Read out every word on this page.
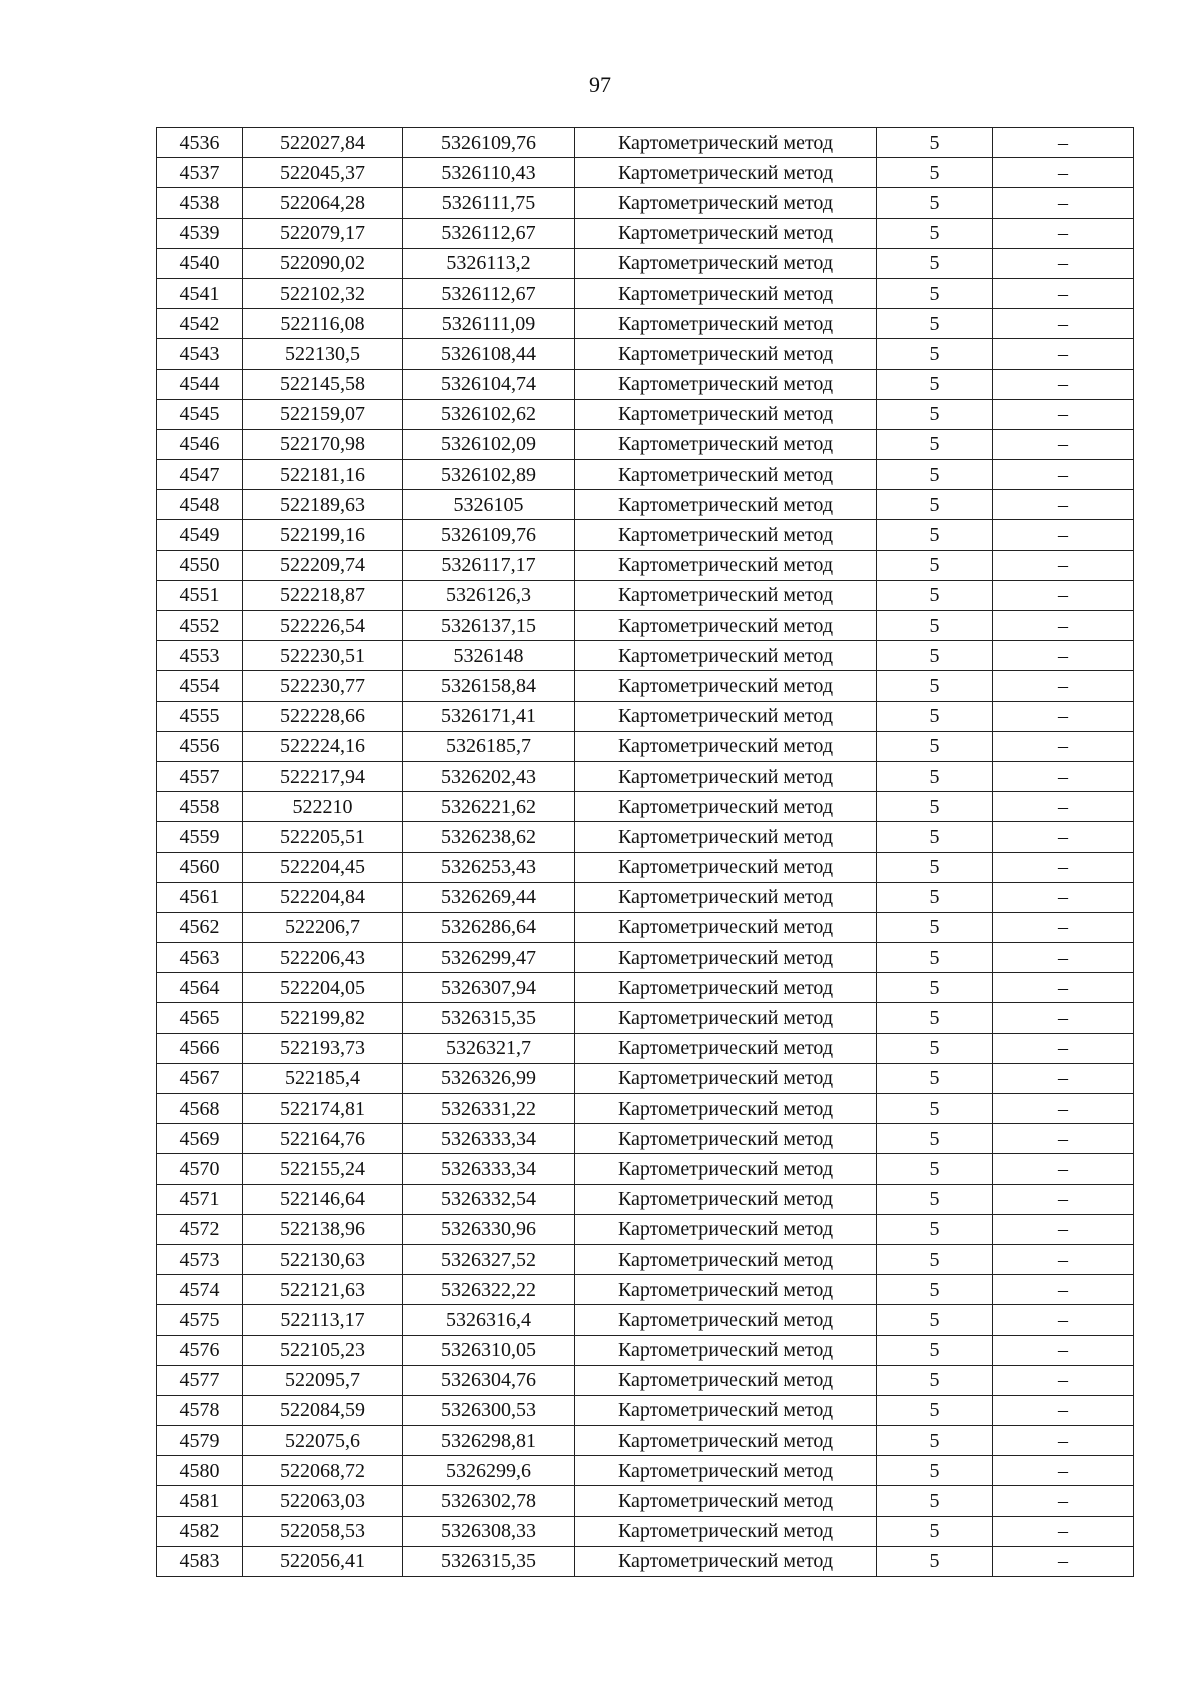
97
4536	522027,84	5326109,76	Картометрический метод	5	–
4537	522045,37	5326110,43	Картометрический метод	5	–
4538	522064,28	5326111,75	Картометрический метод	5	–
4539	522079,17	5326112,67	Картометрический метод	5	–
4540	522090,02	5326113,2	Картометрический метод	5	–
4541	522102,32	5326112,67	Картометрический метод	5	–
4542	522116,08	5326111,09	Картометрический метод	5	–
4543	522130,5	5326108,44	Картометрический метод	5	–
4544	522145,58	5326104,74	Картометрический метод	5	–
4545	522159,07	5326102,62	Картометрический метод	5	–
4546	522170,98	5326102,09	Картометрический метод	5	–
4547	522181,16	5326102,89	Картометрический метод	5	–
4548	522189,63	5326105	Картометрический метод	5	–
4549	522199,16	5326109,76	Картометрический метод	5	–
4550	522209,74	5326117,17	Картометрический метод	5	–
4551	522218,87	5326126,3	Картометрический метод	5	–
4552	522226,54	5326137,15	Картометрический метод	5	–
4553	522230,51	5326148	Картометрический метод	5	–
4554	522230,77	5326158,84	Картометрический метод	5	–
4555	522228,66	5326171,41	Картометрический метод	5	–
4556	522224,16	5326185,7	Картометрический метод	5	–
4557	522217,94	5326202,43	Картометрический метод	5	–
4558	522210	5326221,62	Картометрический метод	5	–
4559	522205,51	5326238,62	Картометрический метод	5	–
4560	522204,45	5326253,43	Картометрический метод	5	–
4561	522204,84	5326269,44	Картометрический метод	5	–
4562	522206,7	5326286,64	Картометрический метод	5	–
4563	522206,43	5326299,47	Картометрический метод	5	–
4564	522204,05	5326307,94	Картометрический метод	5	–
4565	522199,82	5326315,35	Картометрический метод	5	–
4566	522193,73	5326321,7	Картометрический метод	5	–
4567	522185,4	5326326,99	Картометрический метод	5	–
4568	522174,81	5326331,22	Картометрический метод	5	–
4569	522164,76	5326333,34	Картометрический метод	5	–
4570	522155,24	5326333,34	Картометрический метод	5	–
4571	522146,64	5326332,54	Картометрический метод	5	–
4572	522138,96	5326330,96	Картометрический метод	5	–
4573	522130,63	5326327,52	Картометрический метод	5	–
4574	522121,63	5326322,22	Картометрический метод	5	–
4575	522113,17	5326316,4	Картометрический метод	5	–
4576	522105,23	5326310,05	Картометрический метод	5	–
4577	522095,7	5326304,76	Картометрический метод	5	–
4578	522084,59	5326300,53	Картометрический метод	5	–
4579	522075,6	5326298,81	Картометрический метод	5	–
4580	522068,72	5326299,6	Картометрический метод	5	–
4581	522063,03	5326302,78	Картометрический метод	5	–
4582	522058,53	5326308,33	Картометрический метод	5	–
4583	522056,41	5326315,35	Картометрический метод	5	–
